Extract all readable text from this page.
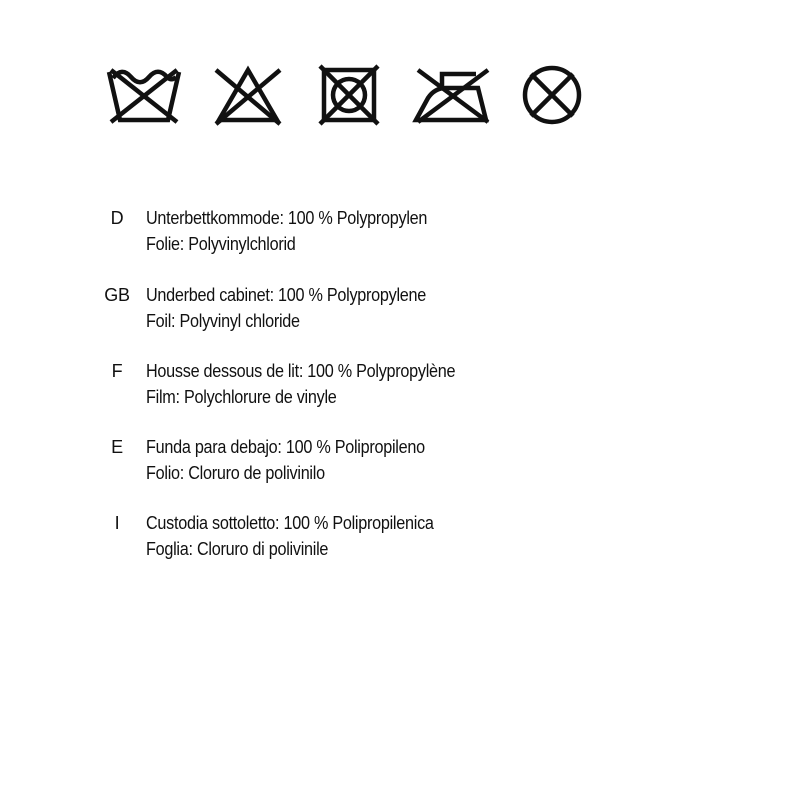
D	Unterbettkommode: 100 % Polypropylen
Folie: Polyvinylchlorid
GB Underbed cabinet: 100 % Polypropylene
Foil: Polyvinyl chloride
F	Housse dessous de lit: 100 % Polypropylène
Film: Polychlorure de vinyle
E	Funda para debajo: 100 % Polipropileno
Folio: Cloruro de polivinilo
I	Custodia sottoletto: 100 % Polipropilenica
Foglia: Cloruro di polivinile
